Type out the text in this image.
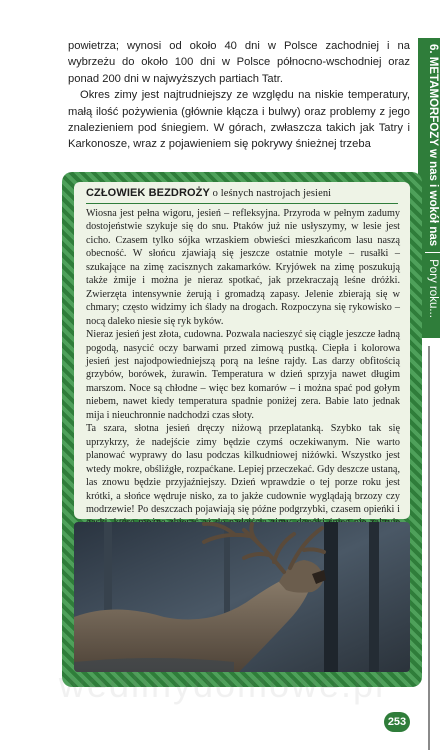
powietrza; wynosi od około 40 dni w Polsce zachodniej i na wybrzeżu do około 100 dni w Polsce północno-wschodniej oraz ponad 200 dni w najwyższych partiach Tatr.

Okres zimy jest najtrudniejszy ze względu na niskie temperatury, małą ilość pożywienia (głównie kłącza i bulwy) oraz problemy z jego znalezieniem pod śniegiem. W górach, zwłaszcza takich jak Tatry i Karkonosze, wraz z pojawieniem się pokrywy śnieżnej trzeba	6. METAMORFOZY w nas i wokół nas
Pory roku...
CZŁOWIEK BEZDROŻY o leśnych nastrojach jesieni

Wiosna jest pełna wigoru, jesień – refleksyjna. Przyroda w pełnym zadumy dostojeństwie szykuje się do snu. Ptaków już nie usłyszymy, w lesie jest cicho. Czasem tylko sójka wrzaskiem obwieści mieszkańcom lasu naszą obecność. W słońcu zjawiają się jeszcze ostatnie motyle – rusałki – szukające na zimę zacisznych zakamarków. Kryjówek na zimę poszukują także żmije i można je nieraz spotkać, jak przekraczają leśne dróżki. Zwierzęta intensywnie żerują i gromadzą zapasy. Jelenie zbierają się w chmary; często widzimy ich ślady na drogach. Rozpoczyna się rykowisko – nocą daleko niesie się ryk byków.

Nieraz jesień jest złota, cudowna. Pozwala nacieszyć się ciągle jeszcze ładną pogodą, nasycić oczy barwami przed zimową pustką. Ciepła i kolorowa jesień jest najodpowiedniejszą porą na leśne rajdy. Las darzy obfitością grzybów, borówek, żurawin. Temperatura w dzień sprzyja nawet długim marszom. Noce są chłodne – więc bez komarów – i można spać pod gołym niebem, nawet kiedy temperatura spadnie poniżej zera. Babie lato jednak mija i nieuchronnie nadchodzi czas słoty.

Ta szara, słotna jesień dręczy niżową przeplatanką. Szybko tak się uprzykrzy, że nadejście zimy będzie czymś oczekiwanym. Nie warto planować wyprawy do lasu podczas kilkudniowej niżówki. Wszystko jest wtedy mokre, obśliźgłe, rozpaćkane. Lepiej przeczekać. Gdy deszcze ustaną, las znowu będzie przyjaźniejszy. Dzień wprawdzie o tej porze roku jest krótki, a słońce wędruje nisko, za to jakże cudownie wyglądają brzozy czy modrzewie! Po deszczach pojawiają się późne podgrzybki, czasem opieńki i

253
wedlinydomowe.pl
